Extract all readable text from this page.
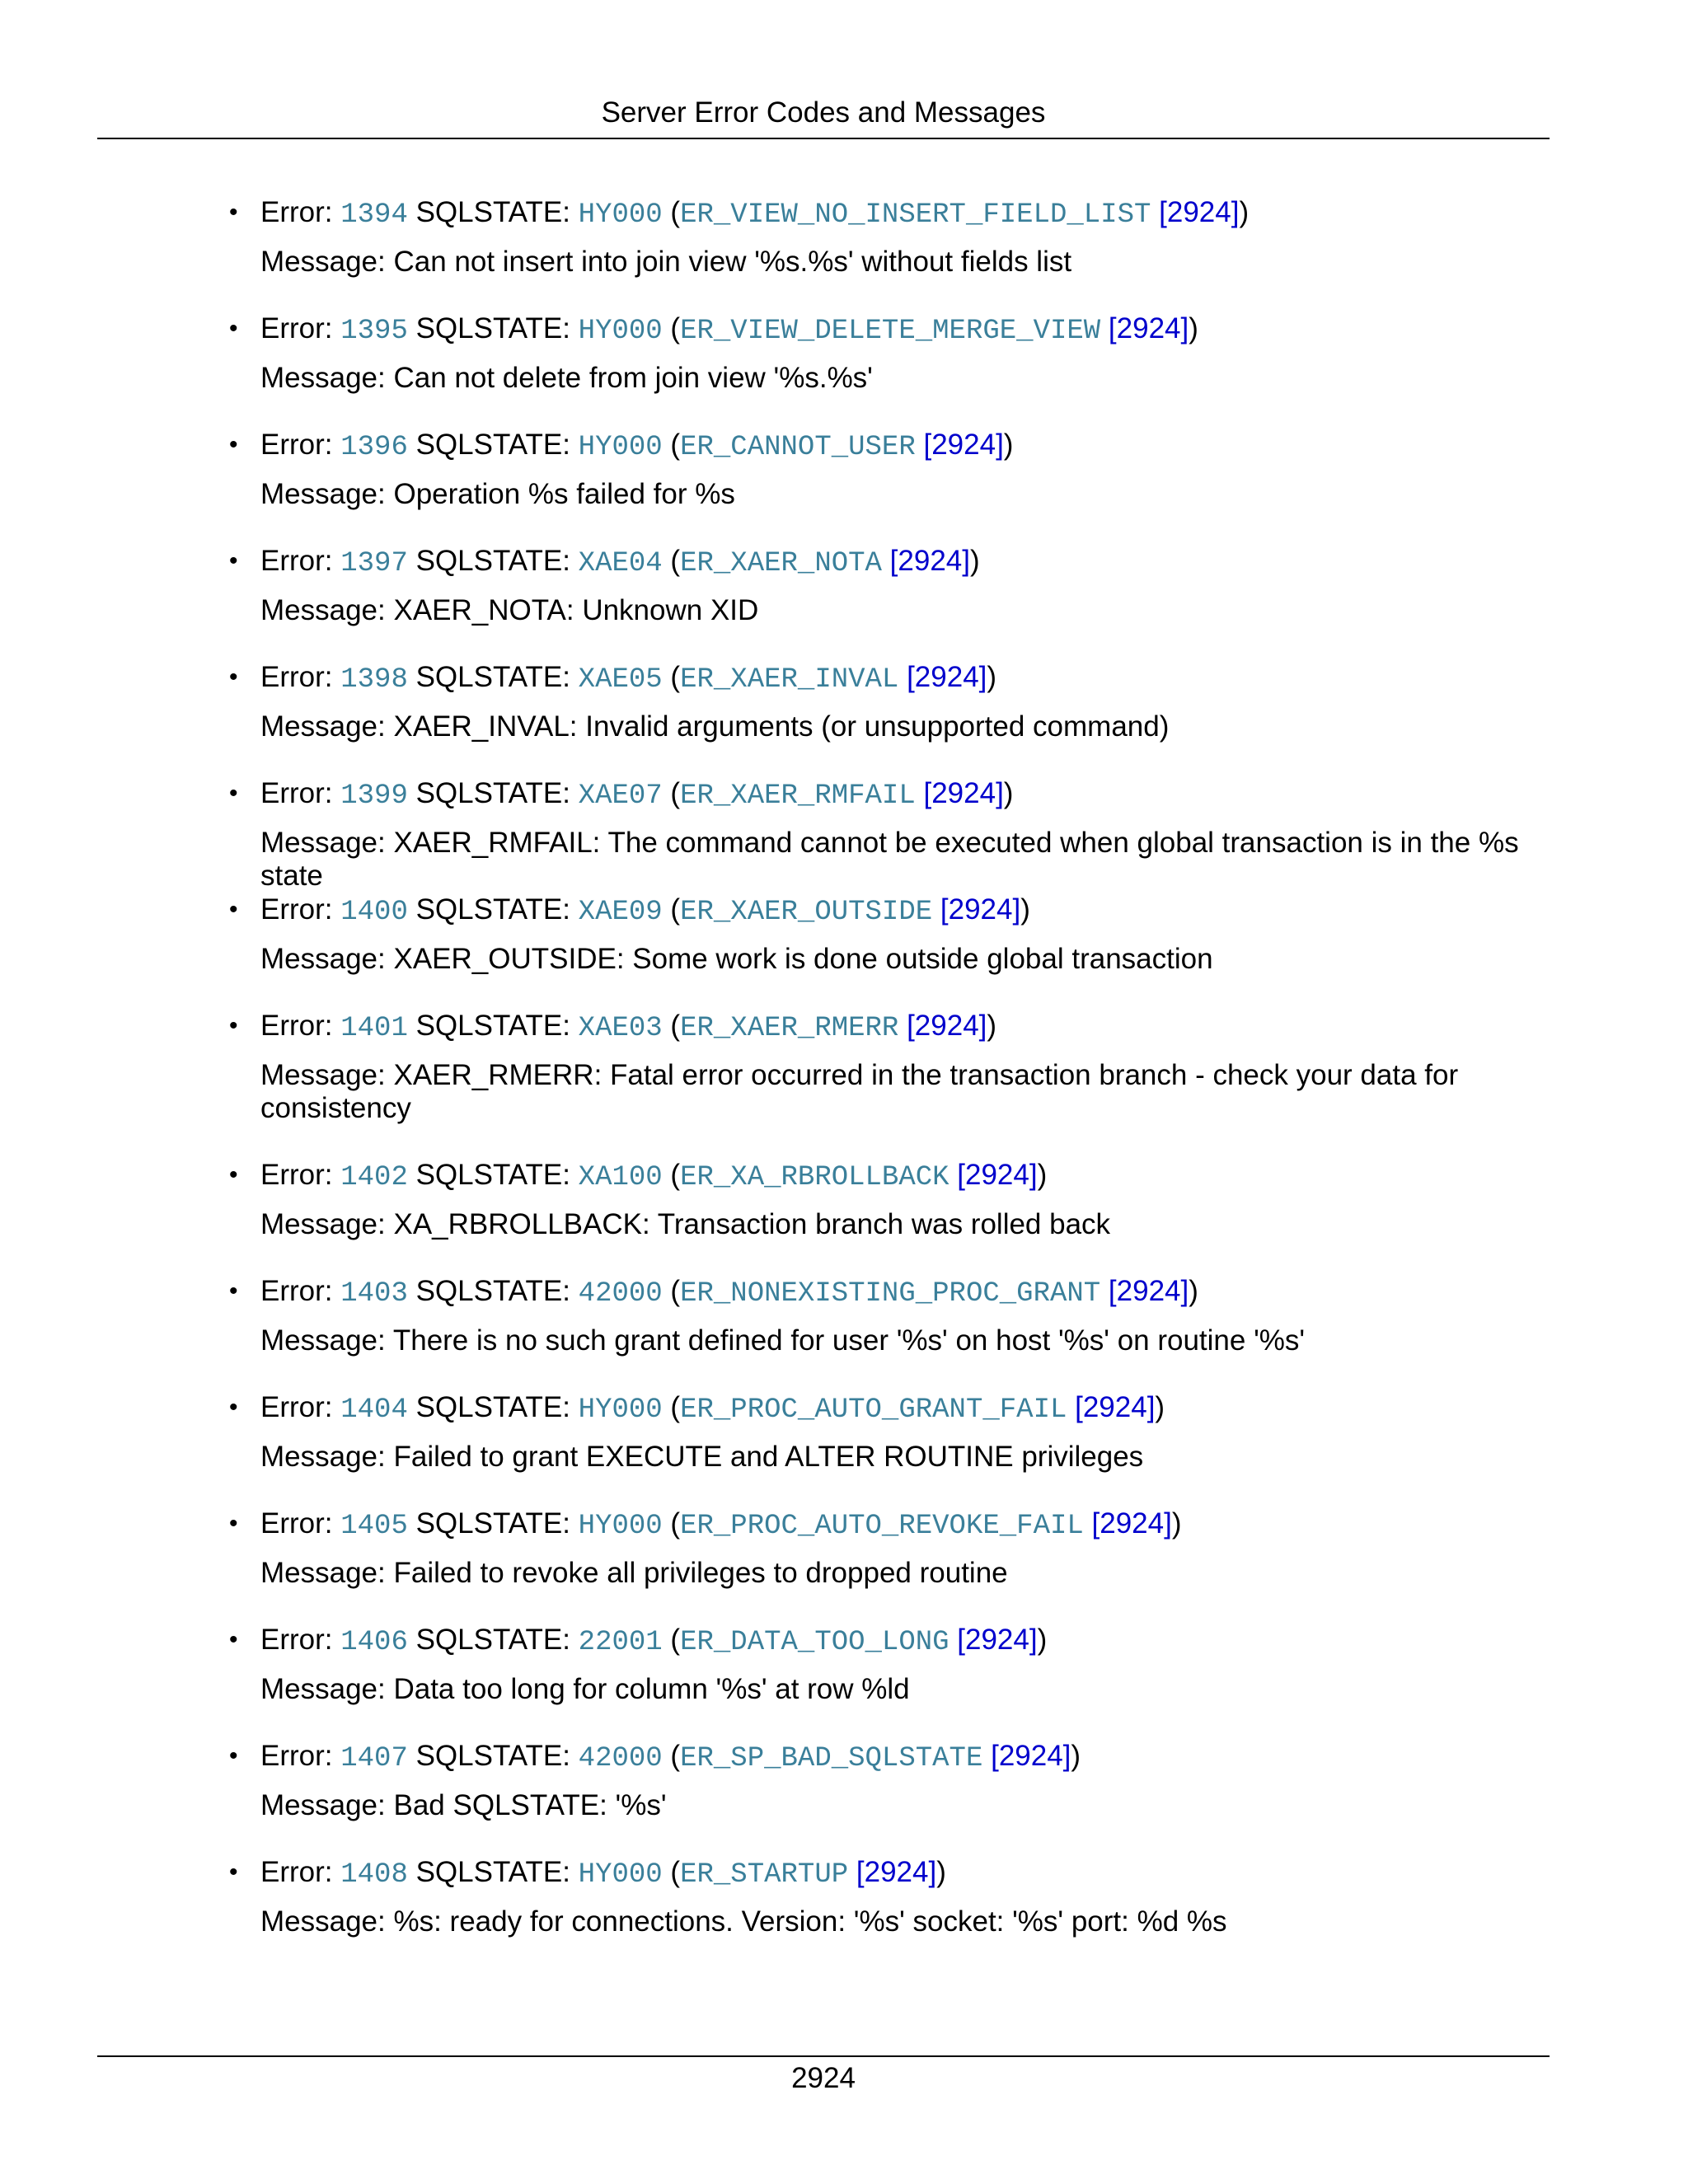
Server Error Codes and Messages
• Error: 1394 SQLSTATE: HY000 (ER_VIEW_NO_INSERT_FIELD_LIST [2924])
Message: Can not insert into join view '%s.%s' without fields list
• Error: 1395 SQLSTATE: HY000 (ER_VIEW_DELETE_MERGE_VIEW [2924])
Message: Can not delete from join view '%s.%s'
• Error: 1396 SQLSTATE: HY000 (ER_CANNOT_USER [2924])
Message: Operation %s failed for %s
• Error: 1397 SQLSTATE: XAE04 (ER_XAER_NOTA [2924])
Message: XAER_NOTA: Unknown XID
• Error: 1398 SQLSTATE: XAE05 (ER_XAER_INVAL [2924])
Message: XAER_INVAL: Invalid arguments (or unsupported command)
• Error: 1399 SQLSTATE: XAE07 (ER_XAER_RMFAIL [2924])
Message: XAER_RMFAIL: The command cannot be executed when global transaction is in the %s state
• Error: 1400 SQLSTATE: XAE09 (ER_XAER_OUTSIDE [2924])
Message: XAER_OUTSIDE: Some work is done outside global transaction
• Error: 1401 SQLSTATE: XAE03 (ER_XAER_RMERR [2924])
Message: XAER_RMERR: Fatal error occurred in the transaction branch - check your data for consistency
• Error: 1402 SQLSTATE: XA100 (ER_XA_RBROLLBACK [2924])
Message: XA_RBROLLBACK: Transaction branch was rolled back
• Error: 1403 SQLSTATE: 42000 (ER_NONEXISTING_PROC_GRANT [2924])
Message: There is no such grant defined for user '%s' on host '%s' on routine '%s'
• Error: 1404 SQLSTATE: HY000 (ER_PROC_AUTO_GRANT_FAIL [2924])
Message: Failed to grant EXECUTE and ALTER ROUTINE privileges
• Error: 1405 SQLSTATE: HY000 (ER_PROC_AUTO_REVOKE_FAIL [2924])
Message: Failed to revoke all privileges to dropped routine
• Error: 1406 SQLSTATE: 22001 (ER_DATA_TOO_LONG [2924])
Message: Data too long for column '%s' at row %ld
• Error: 1407 SQLSTATE: 42000 (ER_SP_BAD_SQLSTATE [2924])
Message: Bad SQLSTATE: '%s'
• Error: 1408 SQLSTATE: HY000 (ER_STARTUP [2924])
Message: %s: ready for connections. Version: '%s' socket: '%s' port: %d %s
2924
